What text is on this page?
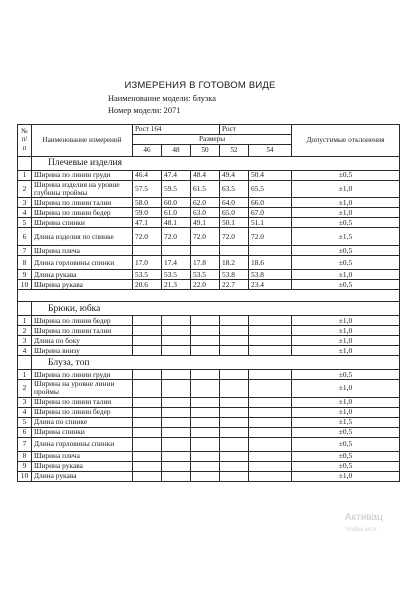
ИЗМЕРЕНИЯ В ГОТОВОМ ВИДЕ
Наименование модели: блузка
Номер модели: 2071
№ п/ п	Наименование измерений	Рост 164			Рост		Допустимые отклонения
		Размеры					
		46	48	50	52	54	
	Плечевые изделия						
1	Ширина по линии груди	46.4	47.4	48.4	49.4	50.4	±0,5
2	Ширина изделия на уровне глубины проймы	57.5	59.5	61.5	63.5	65.5	±1,0
3	Ширина по линии талии	58.0	60.0	62.0	64.0	66.0	±1,0
4	Ширина по линии бедер	59.0	61.0	63.0	65.0	67.0	±1,0
5	Ширина спинки	47.1	48.1	49.1	50.1	51.1	±0,5
6	Длина изделия по спинке	72.0	72.0	72.0	72.0	72.0	±1,5
7	Ширина плеча						±0,5
8	Длина горловины спинки	17.0	17.4	17.8	18.2	18.6	±0,5
9	Длина рукава	53.5	53.5	53.5	53.8	53.8	±1,0
10	Ширина рукава	20.6	21.3	22.0	22.7	23.4	±0,5

	Брюки, юбка						
1	Ширина по линии бедер						±1,0
2	Ширина по линии талии						±1,0
3	Длина по боку						±1,0
4	Ширина внизу						±1,0
	Блуза, топ						
1	Ширина по линии груди						±0,5
2	Ширина на уровне линии проймы						±1,0
3	Ширина по линии талии						±1,0
4	Ширина по линии бедер						±1,0
5	Длина по спинке						±1,5
6	Ширина спинки						±0,5
7	Длина горловины спинки						±0,5
8	Ширина плеча						±0,5
9	Ширина рукава						±0,5
10	Длина рукава						±1,0
Активац
Чтобы акти
